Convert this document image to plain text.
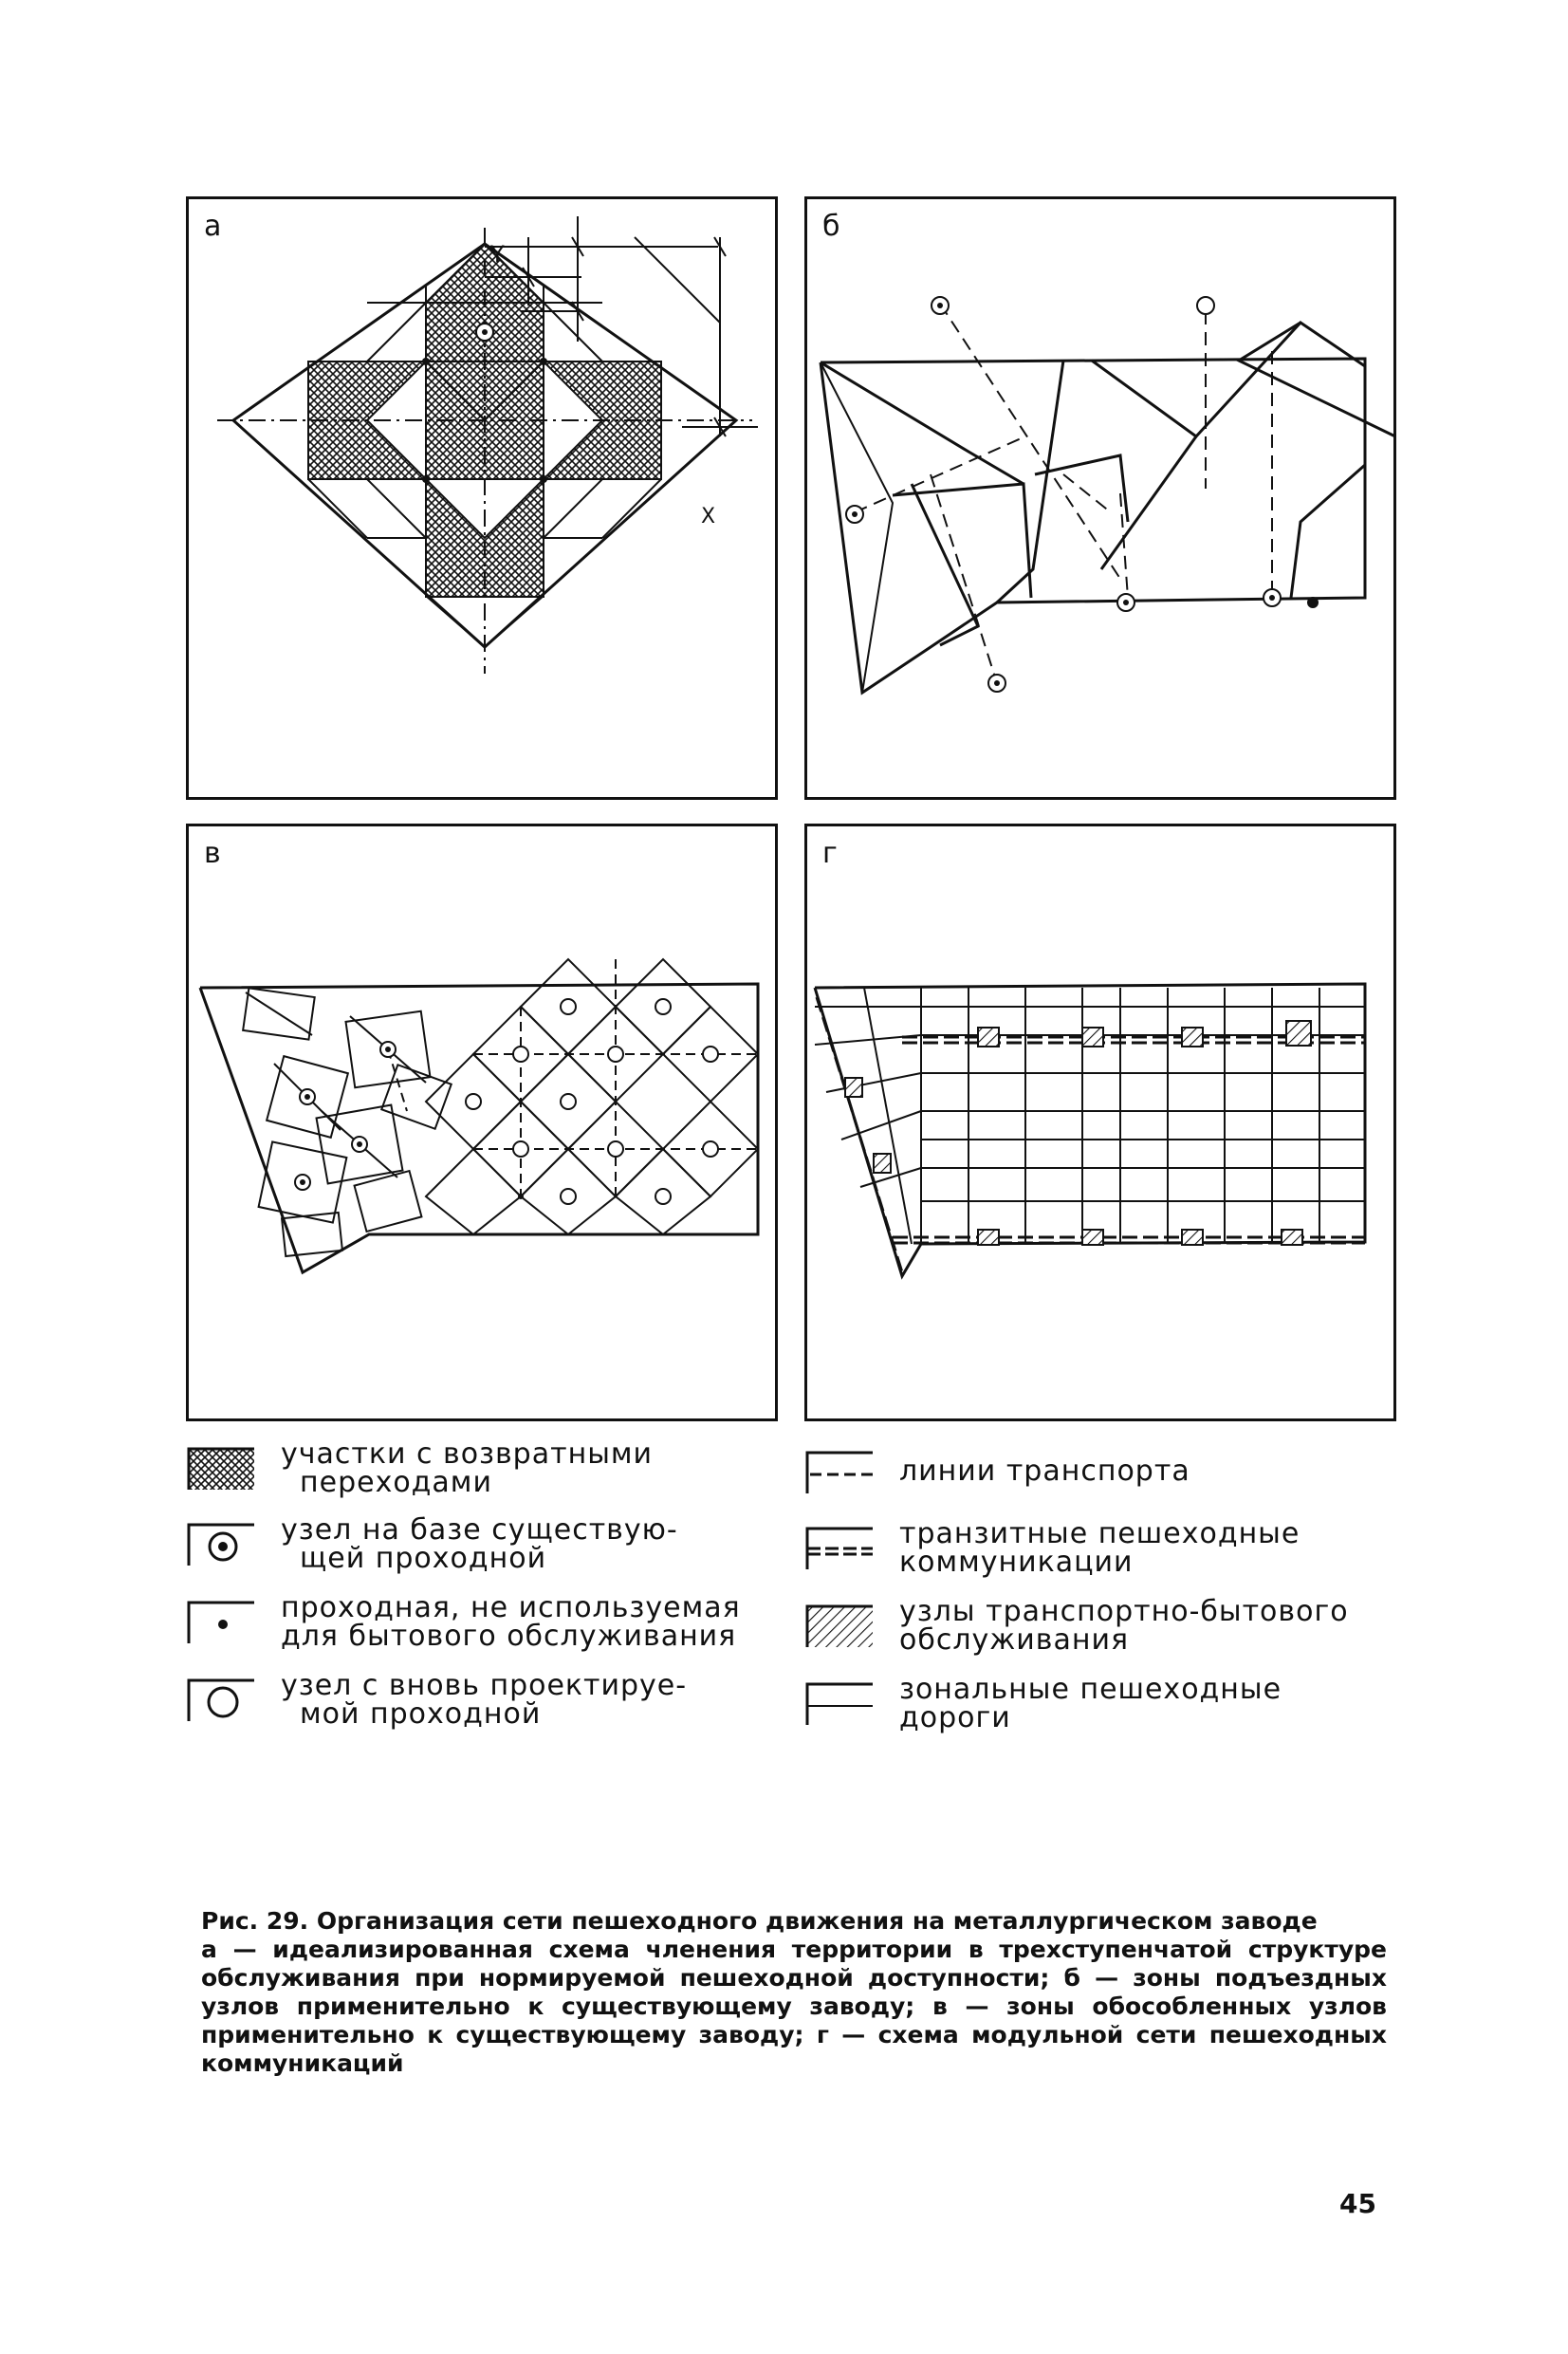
а
Y
X
б
в	г
участки с возвратными
переходами
узел на базе существую-
щей проходной
проходная, не используемая
для бытового обслуживания
узел с вновь проектируе-
мой проходной
линии транспорта
транзитные пешеходные
коммуникации
узлы транспортно-бытового
обслуживания
зональные пешеходные
дороги
Рис. 29. Организация сети пешеходного движения на металлургическом заводе
а — идеализированная схема членения территории в трехступенчатой структуре обслуживания при нормируемой пешеходной доступности; б — зоны подъездных узлов применительно к существующему заводу; в — зоны обособленных узлов применительно к существующему заводу; г — схема модульной сети пешеходных коммуникаций
45
